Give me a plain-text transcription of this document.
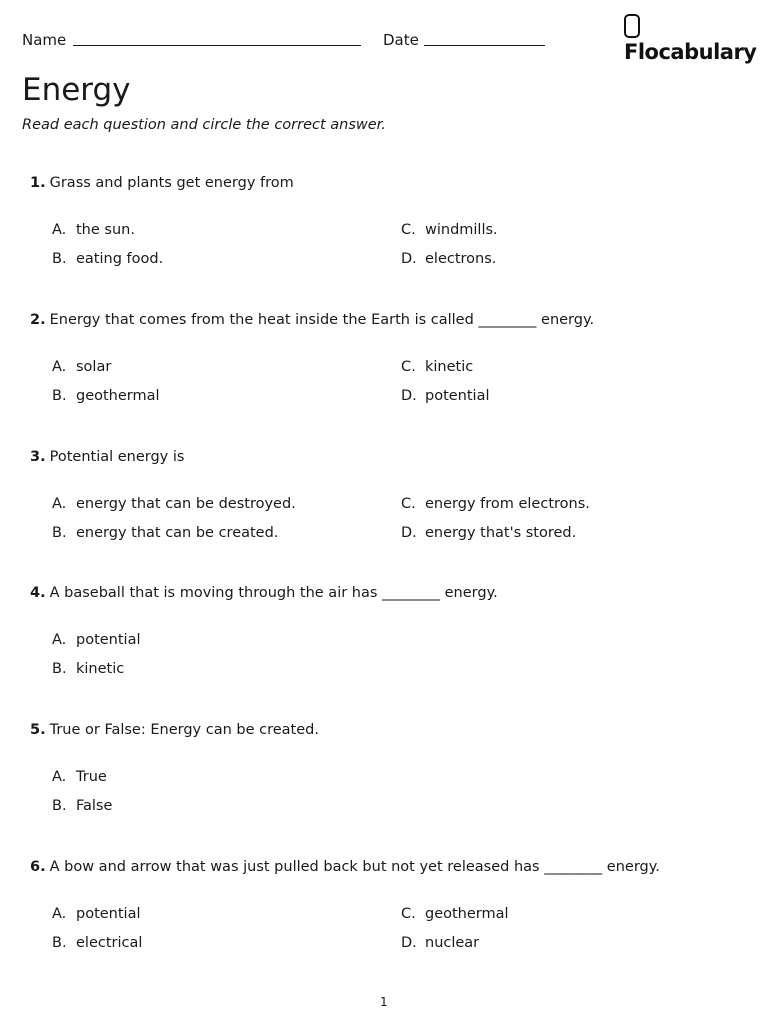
Name	Date	Flocabulary
Energy
Read each question and circle the correct answer.
1. Grass and plants get energy from
A. the sun.
B. eating food.
C. windmills.
D. electrons.
2. Energy that comes from the heat inside the Earth is called ________ energy.
A. solar
B. geothermal
C. kinetic
D. potential
3. Potential energy is
A. energy that can be destroyed.
B. energy that can be created.
C. energy from electrons.
D. energy that's stored.
4. A baseball that is moving through the air has ________ energy.
A. potential
B. kinetic
5. True or False: Energy can be created.
A. True
B. False
6. A bow and arrow that was just pulled back but not yet released has ________ energy.
A. potential
B. electrical
C. geothermal
D. nuclear
1
